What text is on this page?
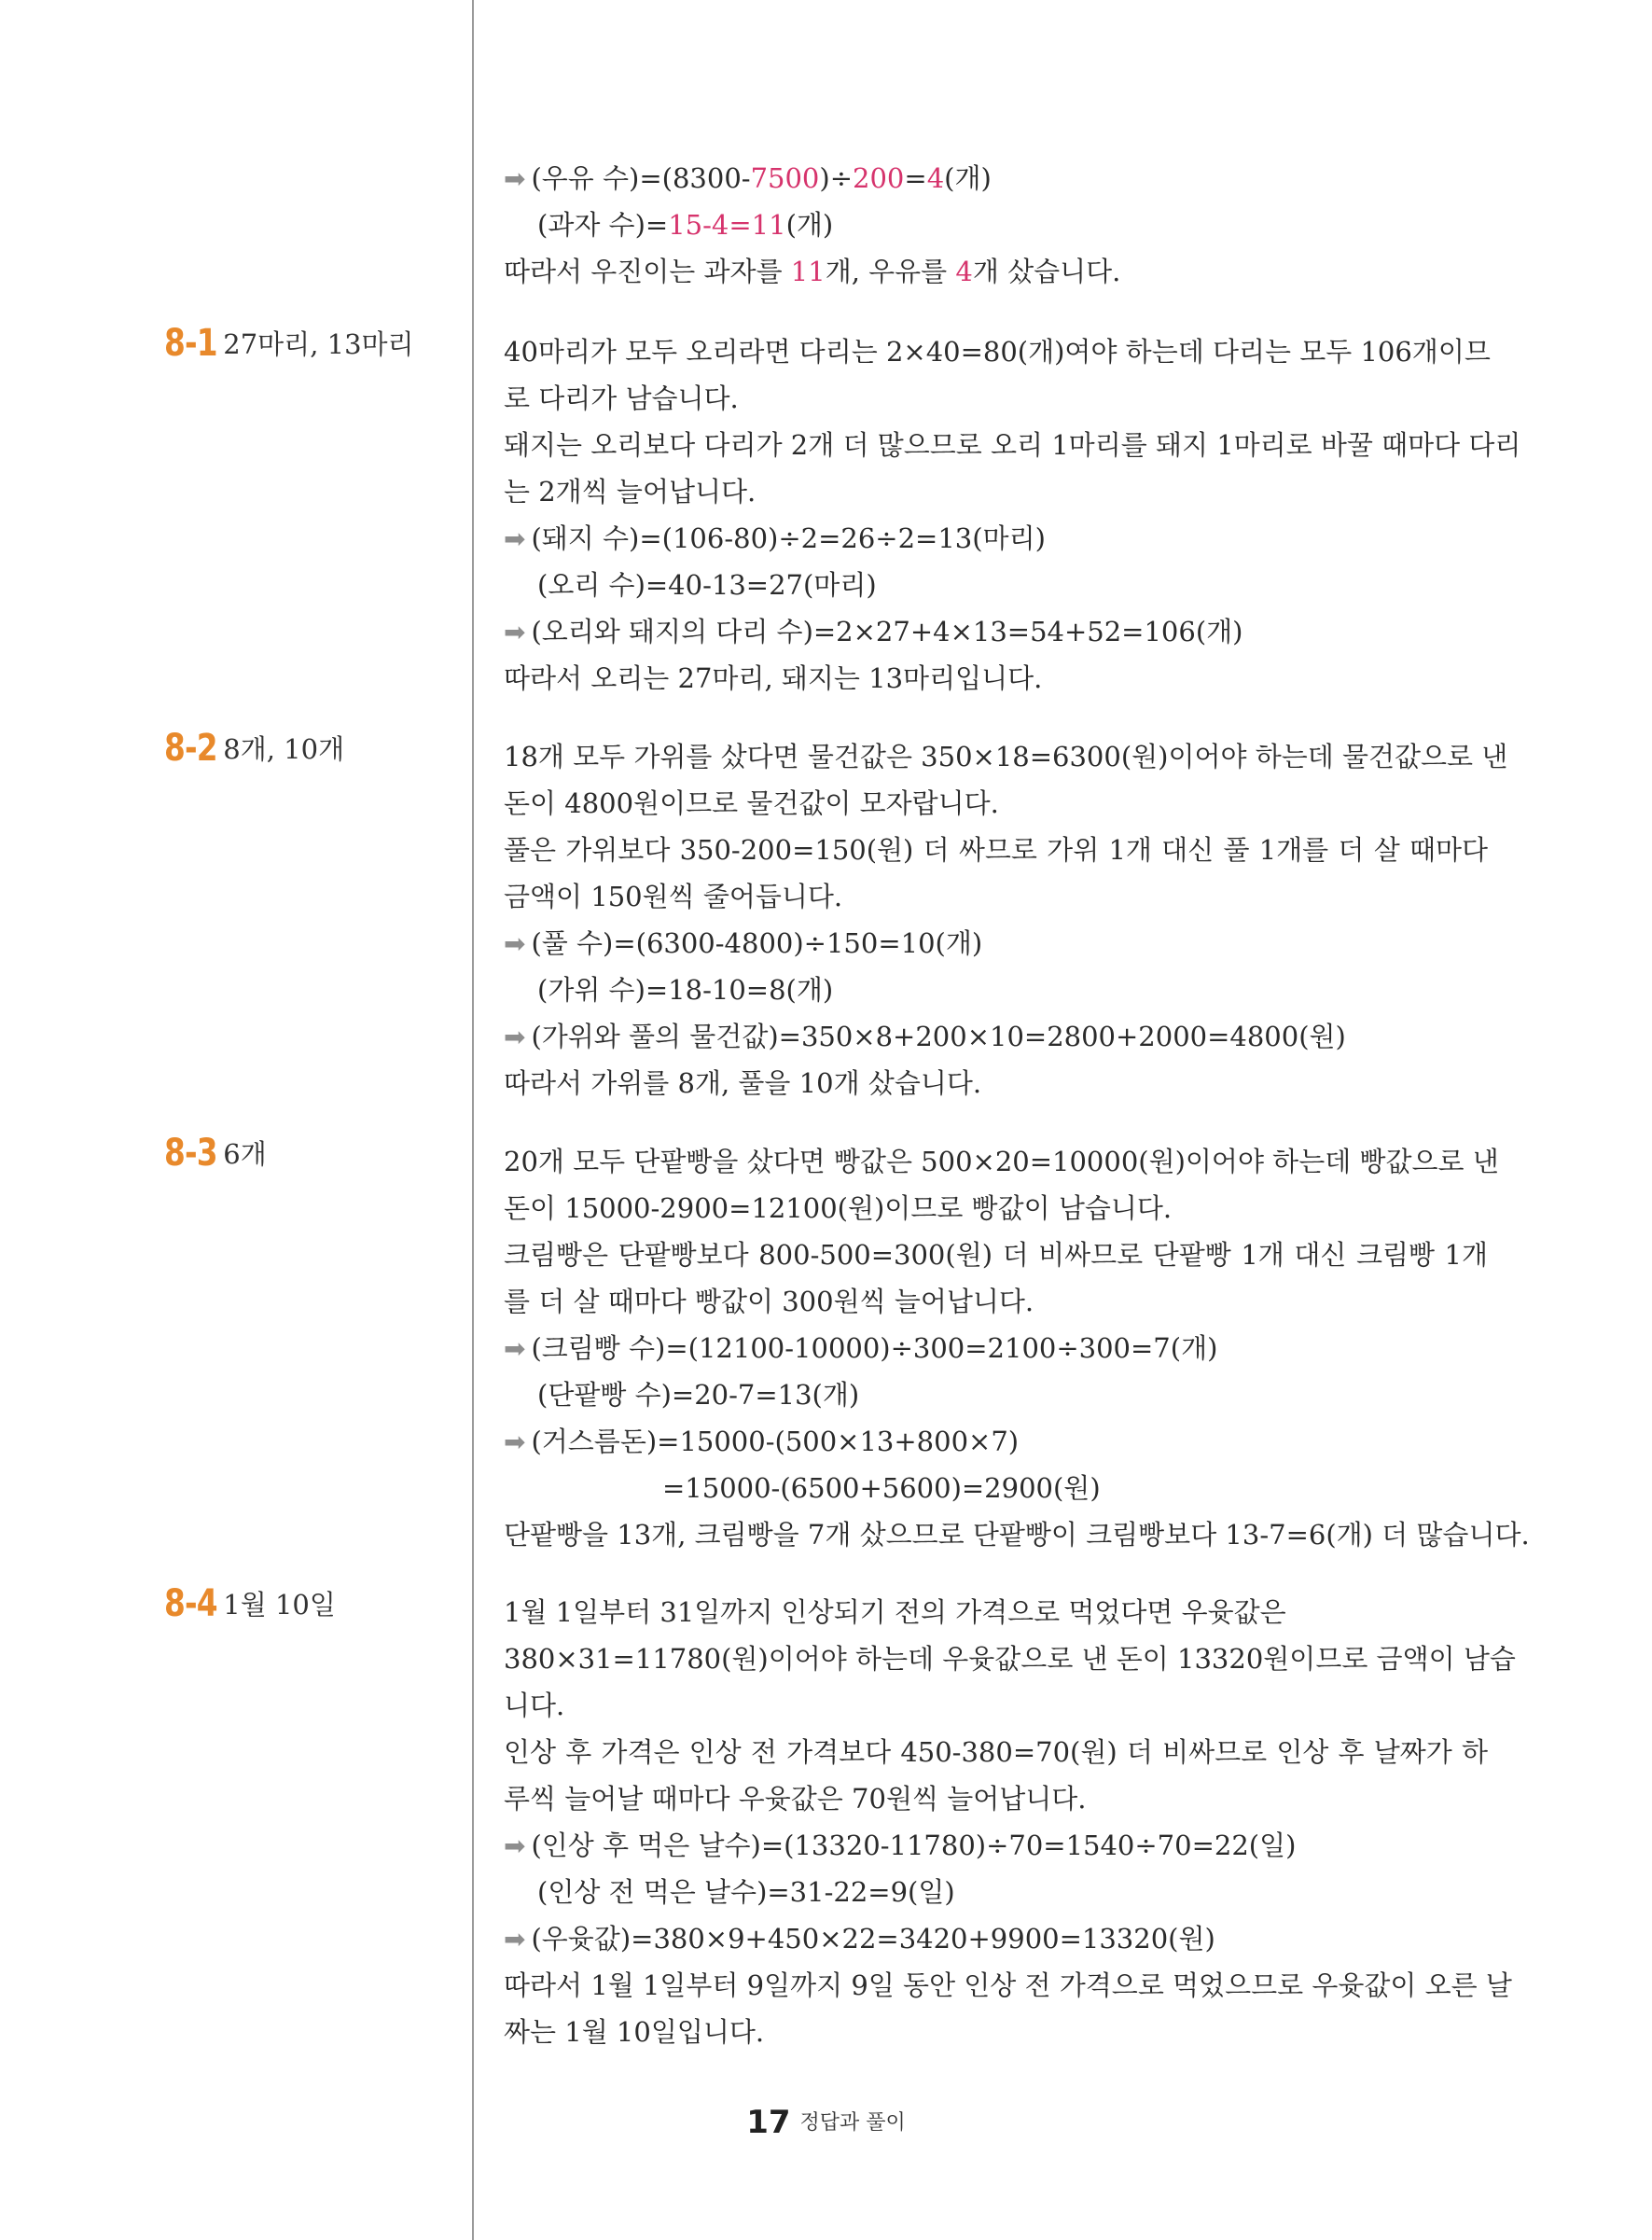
➡ (우유 수)=(8300-7500)÷200=4(개)
(과자 수)=15-4=11(개)
따라서 우진이는 과자를 11개, 우유를 4개 샀습니다.
8-1 27마리, 13마리	40마리가 모두 오리라면 다리는 2×40=80(개)여야 하는데 다리는 모두 106개이므
로 다리가 남습니다.
돼지는 오리보다 다리가 2개 더 많으므로 오리 1마리를 돼지 1마리로 바꿀 때마다 다리
는 2개씩 늘어납니다.
➡ (돼지 수)=(106-80)÷2=26÷2=13(마리)
(오리 수)=40-13=27(마리)
➡ (오리와 돼지의 다리 수)=2×27+4×13=54+52=106(개)
따라서 오리는 27마리, 돼지는 13마리입니다.
8-2 8개, 10개	18개 모두 가위를 샀다면 물건값은 350×18=6300(원)이어야 하는데 물건값으로 낸
돈이 4800원이므로 물건값이 모자랍니다.
풀은 가위보다 350-200=150(원) 더 싸므로 가위 1개 대신 풀 1개를 더 살 때마다
금액이 150원씩 줄어듭니다.
➡ (풀 수)=(6300-4800)÷150=10(개)
(가위 수)=18-10=8(개)
➡ (가위와 풀의 물건값)=350×8+200×10=2800+2000=4800(원)
따라서 가위를 8개, 풀을 10개 샀습니다.
8-3 6개	20개 모두 단팥빵을 샀다면 빵값은 500×20=10000(원)이어야 하는데 빵값으로 낸
돈이 15000-2900=12100(원)이므로 빵값이 남습니다.
크림빵은 단팥빵보다 800-500=300(원) 더 비싸므로 단팥빵 1개 대신 크림빵 1개
를 더 살 때마다 빵값이 300원씩 늘어납니다.
➡ (크림빵 수)=(12100-10000)÷300=2100÷300=7(개)
(단팥빵 수)=20-7=13(개)
➡ (거스름돈)=15000-(500×13+800×7)
=15000-(6500+5600)=2900(원)
단팥빵을 13개, 크림빵을 7개 샀으므로 단팥빵이 크림빵보다 13-7=6(개) 더 많습니다.
8-4 1월 10일	1월 1일부터 31일까지 인상되기 전의 가격으로 먹었다면 우윳값은
380×31=11780(원)이어야 하는데 우윳값으로 낸 돈이 13320원이므로 금액이 남습
니다.
인상 후 가격은 인상 전 가격보다 450-380=70(원) 더 비싸므로 인상 후 날짜가 하
루씩 늘어날 때마다 우윳값은 70원씩 늘어납니다.
➡ (인상 후 먹은 날수)=(13320-11780)÷70=1540÷70=22(일)
(인상 전 먹은 날수)=31-22=9(일)
➡ (우윳값)=380×9+450×22=3420+9900=13320(원)
따라서 1월 1일부터 9일까지 9일 동안 인상 전 가격으로 먹었으므로 우윳값이 오른 날
짜는 1월 10일입니다.
17 정답과 풀이
